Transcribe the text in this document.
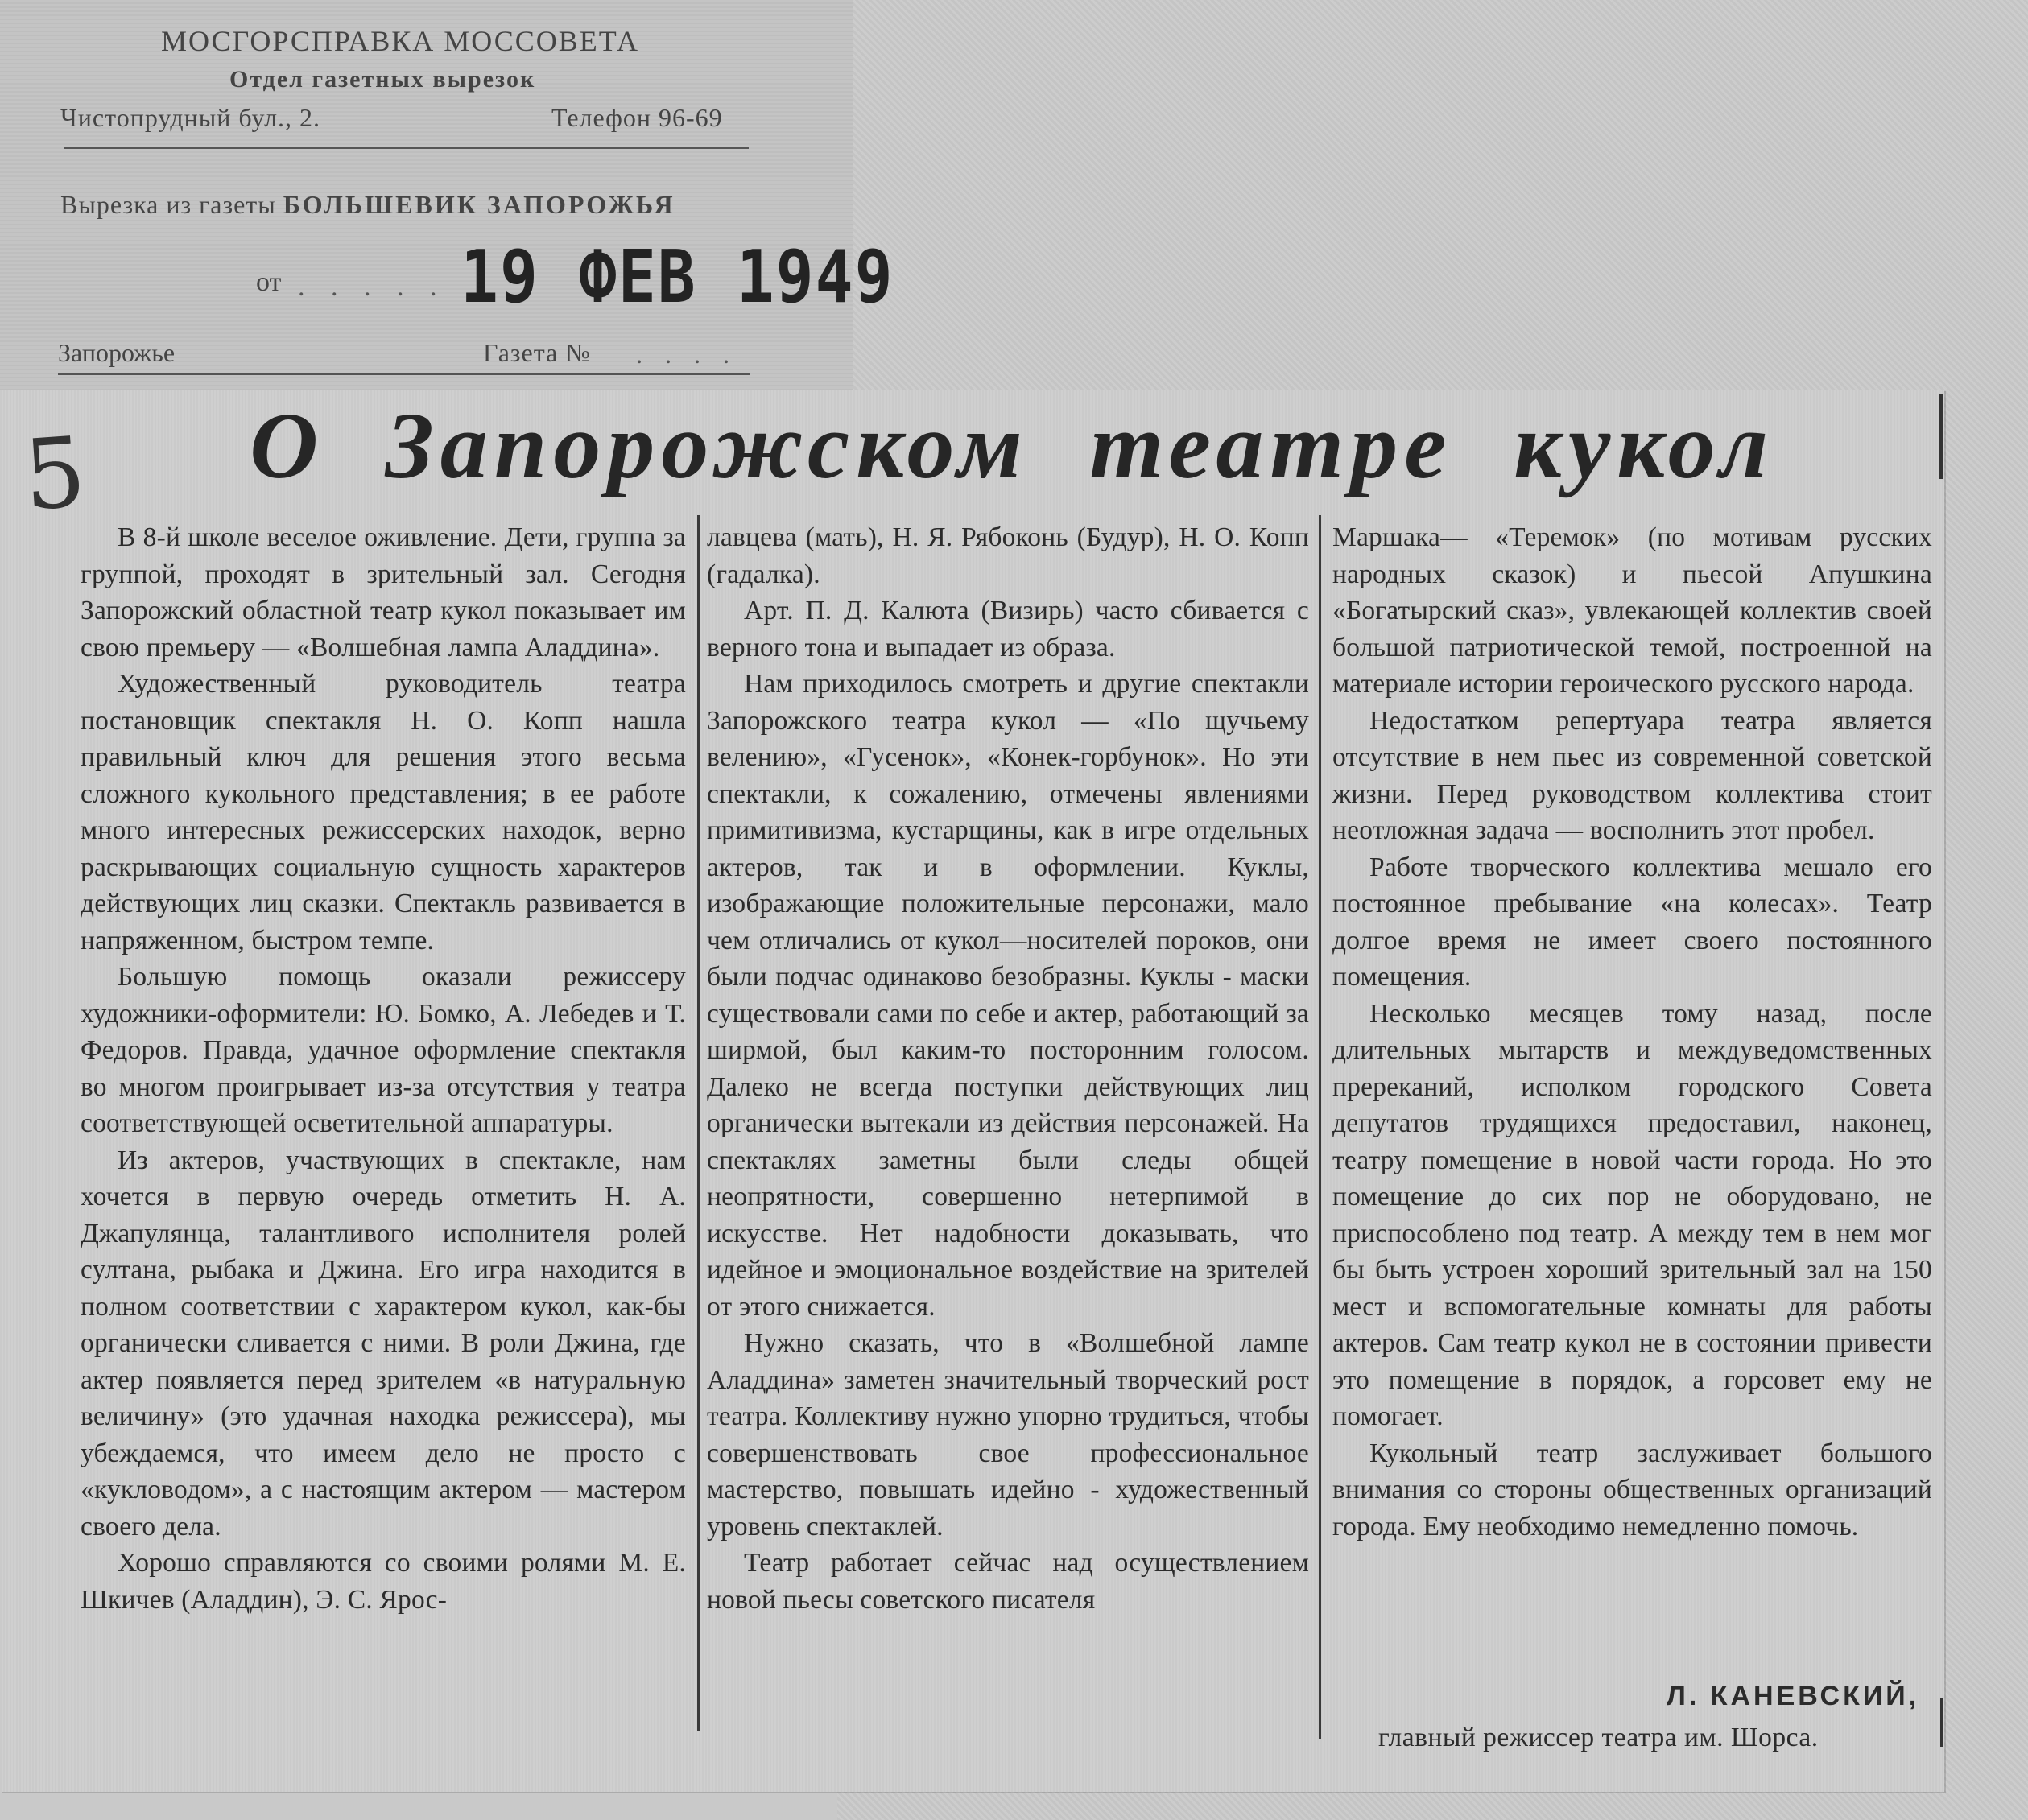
МОСГОРСПРАВКА МОССОВЕТА
Отдел газетных вырезок
Чистопрудный бул., 2.	Телефон 96-69
Вырезка из газеты БОЛЬШЕВИК ЗАПОРОЖЬЯ
от . . . . . 19 ФЕВ 1949
Запорожье	Газета № . . . .
5 О Запорожском театре кукол

В 8-й школе веселое оживление. Дети, группа за группой, проходят в зрительный зал. Сегодня Запорожский областной театр кукол показывает им свою премьеру — «Волшебная лампа Аладдина».

Художественный руководитель театра постановщик спектакля Н. О. Копп нашла правильный ключ для решения этого весьма сложного кукольного представления; в ее работе много интересных режиссерских находок, верно раскрывающих социальную сущность характеров действующих лиц сказки. Спектакль развивается в напряженном, быстром темпе.

Большую помощь оказали режиссеру художники-оформители: Ю. Бомко, А. Лебедев и Т. Федоров. Правда, удачное оформление спектакля во многом проигрывает из-за отсутствия у театра соответствующей осветительной аппаратуры.

Из актеров, участвующих в спектакле, нам хочется в первую очередь отметить Н. А. Джапулянца, талантливого исполнителя ролей султана, рыбака и Джина. Его игра находится в полном соответствии с характером кукол, как-бы органически сливается с ними. В роли Джина, где актер появляется перед зрителем «в натуральную величину» (это удачная находка режиссера), мы убеждаемся, что имеем дело не просто с «кукловодом», а с настоящим актером — мастером своего дела.

Хорошо справляются со своими ролями М. Е. Шкичев (Аладдин), Э. С. Ярос-

лавцева (мать), Н. Я. Рябоконь (Будур), Н. О. Копп (гадалка).

Арт. П. Д. Калюта (Визирь) часто сбивается с верного тона и выпадает из образа.

Нам приходилось смотреть и другие спектакли Запорожского театра кукол — «По щучьему велению», «Гусенок», «Конек-горбунок». Но эти спектакли, к сожалению, отмечены явлениями примитивизма, кустарщины, как в игре отдельных актеров, так и в оформлении. Куклы, изображающие положительные персонажи, мало чем отличались от кукол—носителей пороков, они были подчас одинаково безобразны. Куклы - маски существовали сами по себе и актер, работающий за ширмой, был каким-то посторонним голосом. Далеко не всегда поступки действующих лиц органически вытекали из действия персонажей. На спектаклях заметны были следы общей неопрятности, совершенно нетерпимой в искусстве. Нет надобности доказывать, что идейное и эмоциональное воздействие на зрителей от этого снижается.

Нужно сказать, что в «Волшебной лампе Аладдина» заметен значительный творческий рост театра. Коллективу нужно упорно трудиться, чтобы совершенствовать свое профессиональное мастерство, повышать идейно - художественный уровень спектаклей.

Театр работает сейчас над осуществлением новой пьесы советского писателя

Маршака— «Теремок» (по мотивам русских народных сказок) и пьесой Апушкина «Богатырский сказ», увлекающей коллектив своей большой патриотической темой, построенной на материале истории героического русского народа.

Недостатком репертуара театра является отсутствие в нем пьес из современной советской жизни. Перед руководством коллектива стоит неотложная задача — восполнить этот пробел.

Работе творческого коллектива мешало его постоянное пребывание «на колесах». Театр долгое время не имеет своего постоянного помещения.

Несколько месяцев тому назад, после длительных мытарств и междуведомственных пререканий, исполком городского Совета депутатов трудящихся предоставил, наконец, театру помещение в новой части города. Но это помещение до сих пор не оборудовано, не приспособлено под театр. А между тем в нем мог бы быть устроен хороший зрительный зал на 150 мест и вспомогательные комнаты для работы актеров. Сам театр кукол не в состоянии привести это помещение в порядок, а горсовет ему не помогает.

Кукольный театр заслуживает большого внимания со стороны общественных организаций города. Ему необходимо немедленно помочь.

Л. КАНЕВСКИЙ,
главный режиссер театра им. Шорса.
